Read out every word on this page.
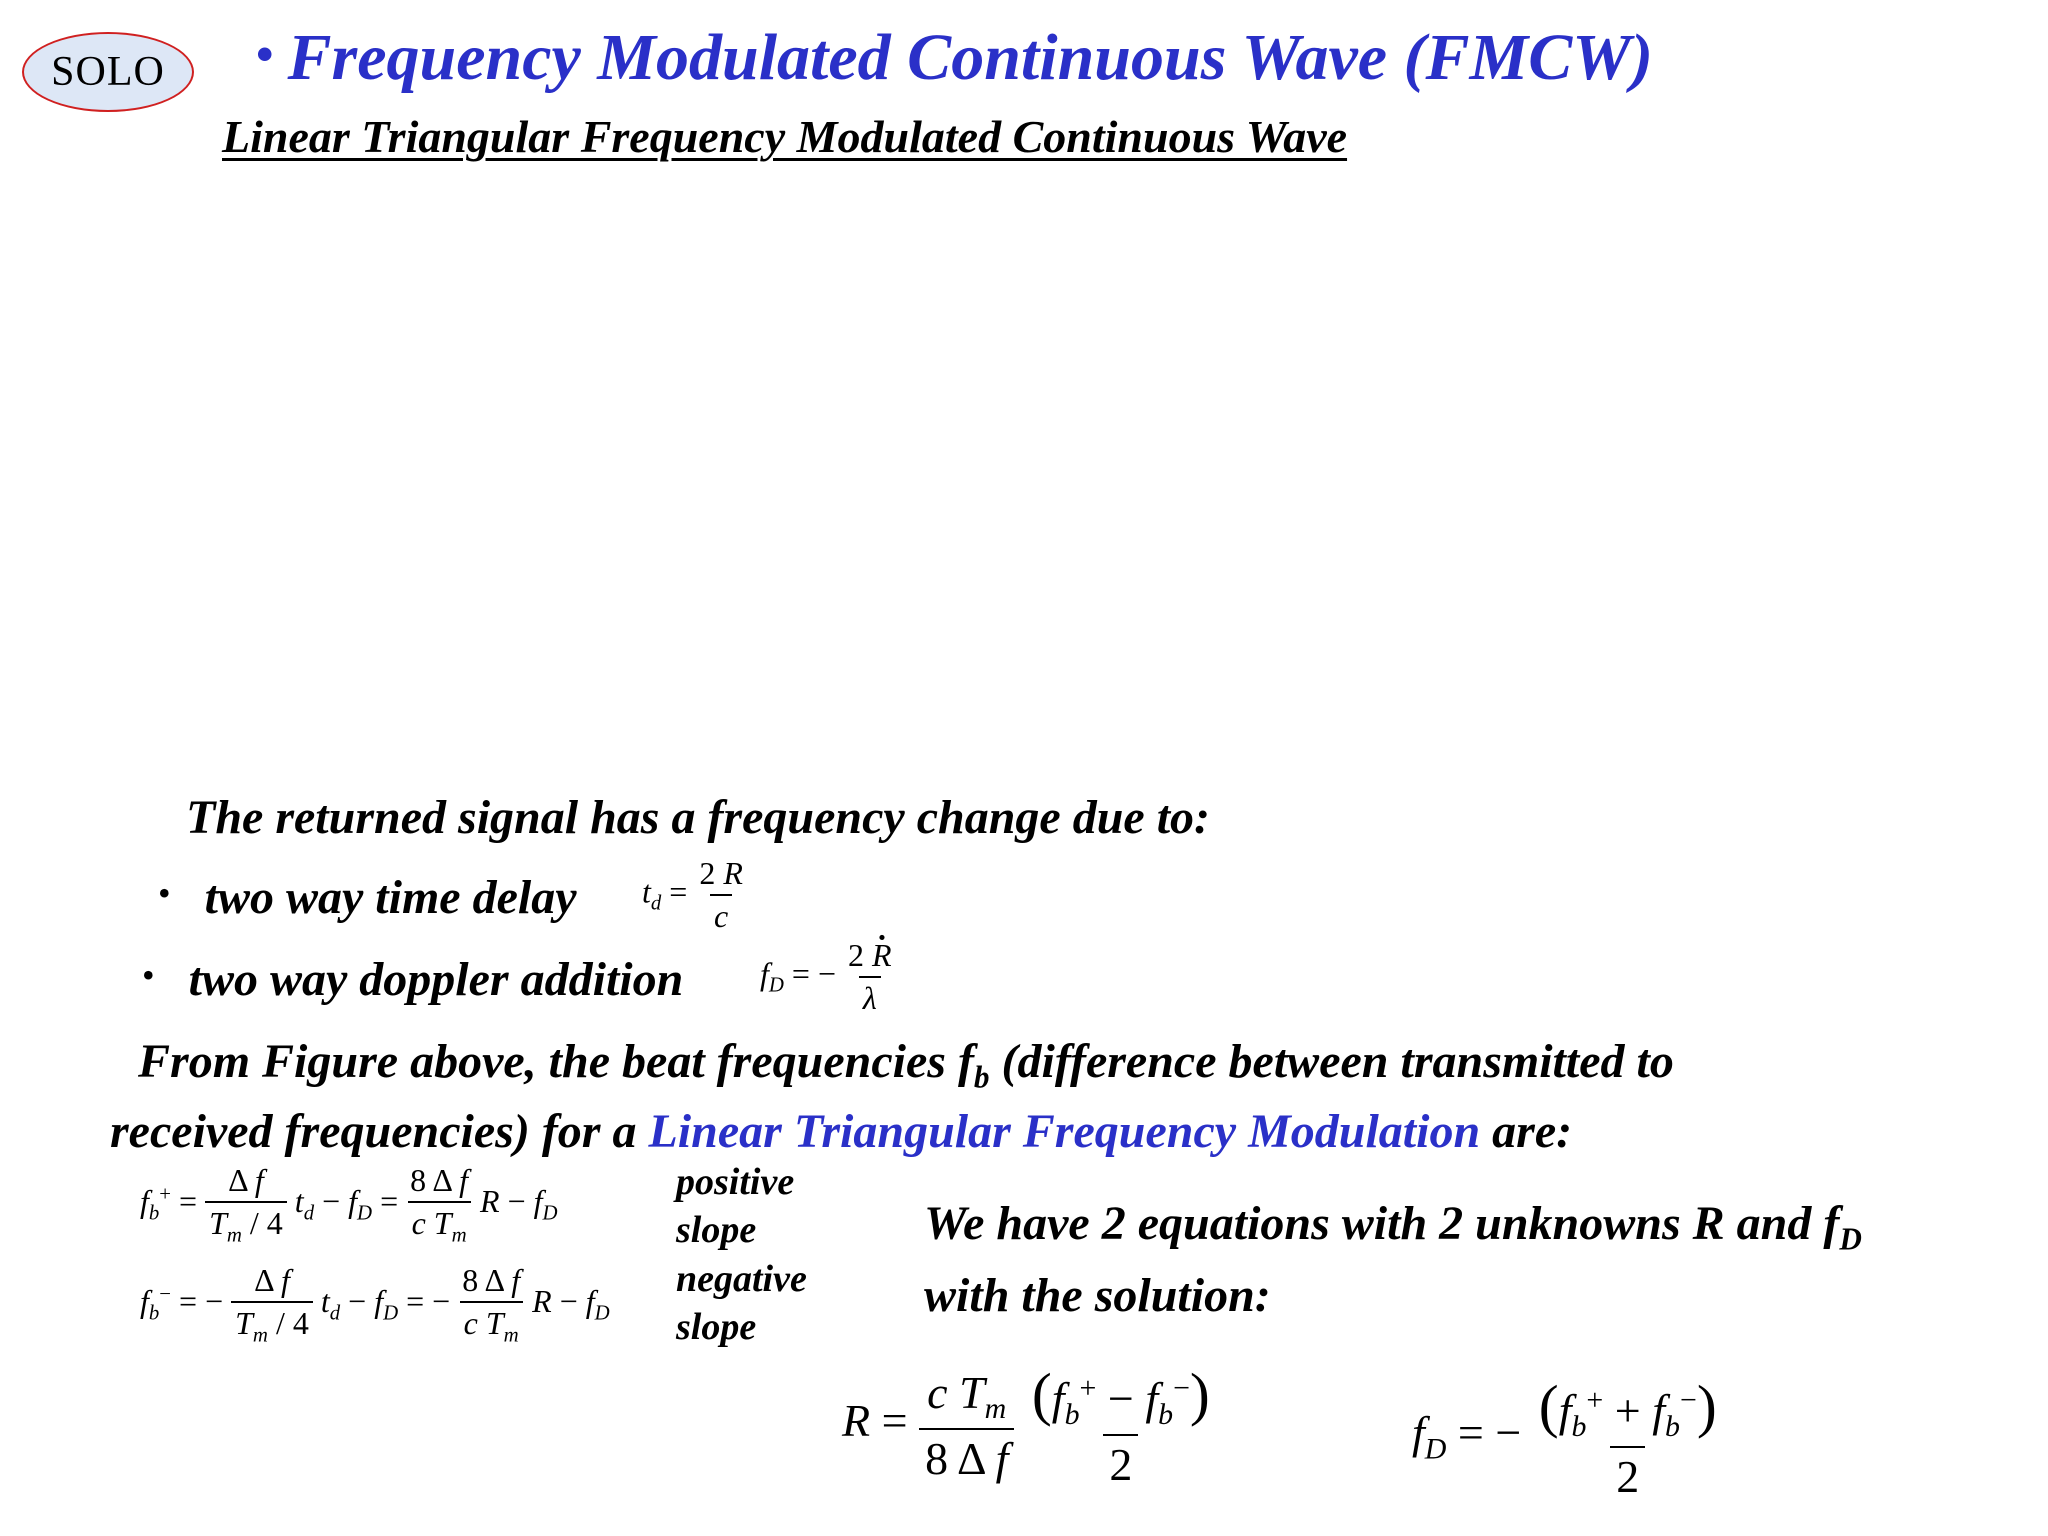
SOLO • Frequency Modulated Continuous Wave (FMCW)
Linear Triangular Frequency Modulated Continuous Wave
The returned signal has a frequency change due to:
• two way time delay
• two way doppler addition
From Figure above, the beat frequencies $f_b$ (difference between transmitted to
received frequencies) for a Linear Triangular Frequency Modulation are:
positive
slope
negative
slope
We have 2 equations with 2 unknowns R and $f_D$
with the solution:
$t_d = \frac{2 R}{c}$
$f_D$ = − $\frac{2 R \cdot}{\lambda}$
$f_b^+ = \frac{\text{Δ f}}{T_m / 4} t_d - f_D = \frac{\text{8 Δ f}}{c T_m}$ $R - f_D$
$f_b^-$ = − $\frac{\text{Δ f}}{T_m / 4} t_d - f_D$ = − $\frac{\text{8 Δ f}}{c T_m}$ $R - f_D$
$R = \frac{c T_m}{\text{8 Δ f}}$
$\frac{(f_b^+ - f_b^-)}{2}$	$f_D$ = − $\frac{(f_b^+ + f_b^-)}{2}$
